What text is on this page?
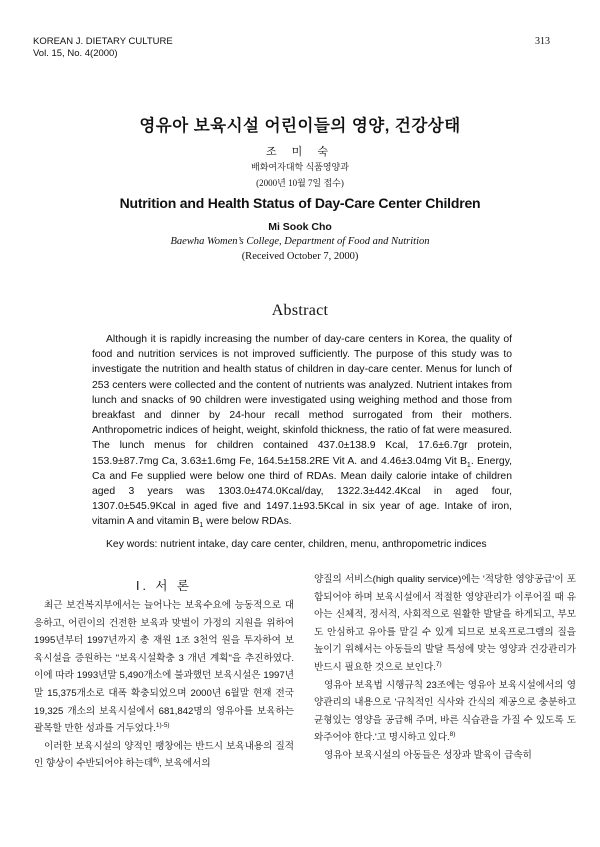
KOREAN J. DIETARY CULTURE
Vol. 15, No. 4(2000)
313
영유아 보육시설 어린이들의 영양, 건강상태
조 미 숙
배화여자대학 식품영양과
(2000년 10월 7일 접수)
Nutrition and Health Status of Day-Care Center Children
Mi Sook Cho
Baewha Women’s College, Department of Food and Nutrition
(Received October 7, 2000)
Abstract

Although it is rapidly increasing the number of day-care centers in Korea, the quality of food and nutrition services is not improved sufficiently. The purpose of this study was to investigate the nutrition and health status of children in day-care center. Menus for lunch of 253 centers were collected and the content of nutrients was analyzed. Nutrient intakes from lunch and snacks of 90 children were investigated using weighing method and those from breakfast and dinner by 24-hour recall method surrogated from their mothers. Anthropometric indices of height, weight, skinfold thickness, the ratio of fat were measured. The lunch menus for children contained 437.0±138.9 Kcal, 17.6±6.7gr protein, 153.9±87.7mg Ca, 3.63±1.6mg Fe, 164.5±158.2RE Vit A. and 4.46±3.04mg Vit $B_1$. Energy, Ca and Fe supplied were below one third of RDAs. Mean daily calorie intake of children aged 3 years was 1303.0±474.0Kcal/day, 1322.3±442.4Kcal in aged four, 1307.0±545.9Kcal in aged five and 1497.1±93.5Kcal in six year of age. Intake of iron, vitamin A and vitamin $B_1$ were below RDAs.

Key words: nutrient intake, day care center, children, menu, anthropometric indices
I. 서 론

최근 보건복지부에서는 늘어나는 보육수요에 능동적으로 대응하고, 어린이의 건전한 보육과 맞벌이 가정의 지원을 위하여 1995년부터 1997년까지 총 재원 1조 3천억 원을 투자하여 보육시설을 증원하는 "보육시설확충 3 개년 계획"을 추진하였다. 이에 따라 1993년말 5,490개소에 불과했던 보육시설은 1997년 말 15,375개소로 대폭 확충되었으며 2000년 6월말 현재 전국 19,325 개소의 보육시설에서 681,842명의 영유아를 보육하는 괄목할 만한 성과를 거두었다.$^{1)-5)}$

이러한 보육시설의 양적인 팽창에는 반드시 보육내용의 질적인 향상이 수반되어야 하는데$^{6)}$, 보육에서의

양질의 서비스(high quality service)에는 '적당한 영양공급'이 포함되어야 하며 보육시설에서 적절한 영양관리가 이루어질 때 유아는 신체적, 정서적, 사회적으로 원활한 발달을 하게되고, 부모도 안심하고 유아를 맡길 수 있게 되므로 보육프로그램의 질을 높이기 위해서는 아동들의 발달 특성에 맞는 영양과 건강관리가 반드시 필요한 것으로 보인다.$^{7)}$

영유아 보육법 시행규칙 23조에는 영유아 보육시설에서의 영양관리의 내용으로 '규칙적인 식사와 간식의 제공으로 충분하고 균형있는 영양을 공급해 주며, 바른 식습관을 가질 수 있도록 도와주어야 한다.'고 명시하고 있다.$^{8)}$

영유아 보육시설의 아동들은 성장과 발육이 급속히
